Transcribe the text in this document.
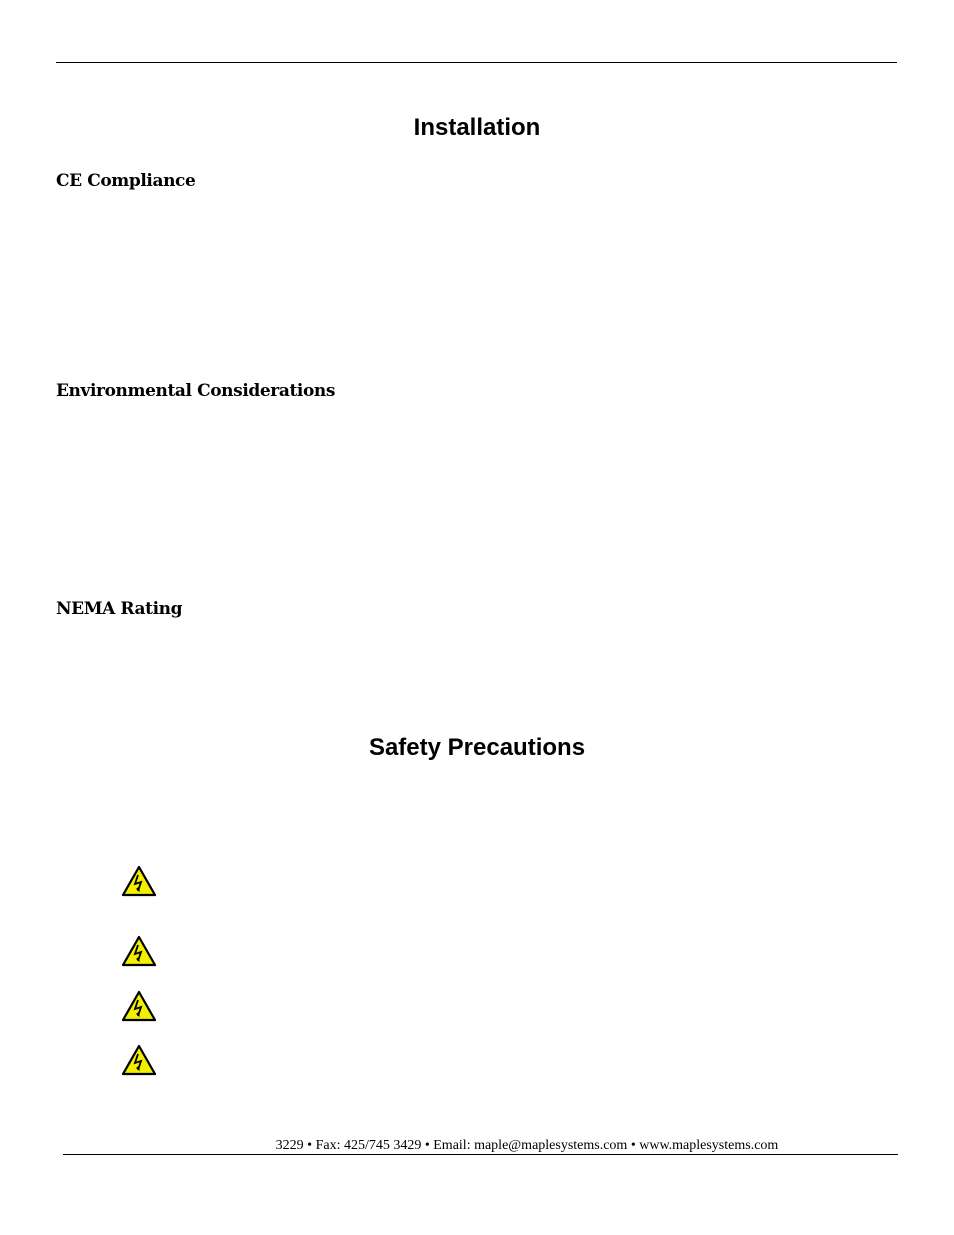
Installation
CE Compliance
Environmental Considerations
NEMA Rating
Safety Precautions
3229 • Fax: 425/745 3429 • Email: maple@maplesystems.com • www.maplesystems.com
